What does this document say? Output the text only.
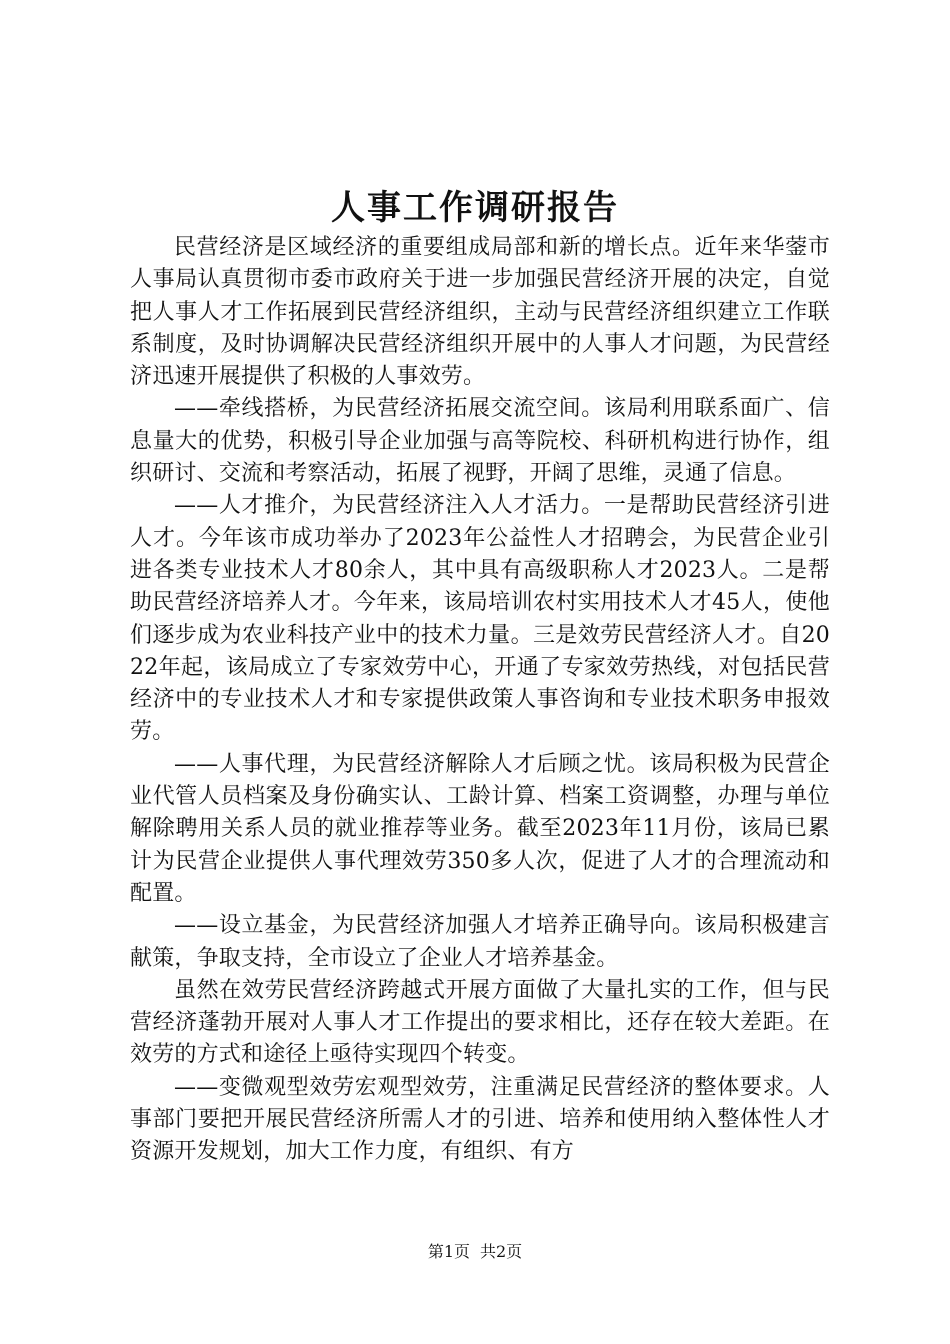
人事工作调研报告

民营经济是区域经济的重要组成局部和新的增长点。近年来华蓥市人事局认真贯彻市委市政府关于进一步加强民营经济开展的决定，自觉把人事人才工作拓展到民营经济组织，主动与民营经济组织建立工作联系制度，及时协调解决民营经济组织开展中的人事人才问题，为民营经济迅速开展提供了积极的人事效劳。

——牵线搭桥，为民营经济拓展交流空间。该局利用联系面广、信息量大的优势，积极引导企业加强与高等院校、科研机构进行协作，组织研讨、交流和考察活动，拓展了视野，开阔了思维，灵通了信息。

——人才推介，为民营经济注入人才活力。一是帮助民营经济引进人才。今年该市成功举办了2023年公益性人才招聘会，为民营企业引进各类专业技术人才80余人，其中具有高级职称人才2023人。二是帮助民营经济培养人才。今年来，该局培训农村实用技术人才45人，使他们逐步成为农业科技产业中的技术力量。三是效劳民营经济人才。自2022年起，该局成立了专家效劳中心，开通了专家效劳热线，对包括民营经济中的专业技术人才和专家提供政策人事咨询和专业技术职务申报效劳。

——人事代理，为民营经济解除人才后顾之忧。该局积极为民营企业代管人员档案及身份确实认、工龄计算、档案工资调整，办理与单位解除聘用关系人员的就业推荐等业务。截至2023年11月份，该局已累计为民营企业提供人事代理效劳350多人次，促进了人才的合理流动和配置。

——设立基金，为民营经济加强人才培养正确导向。该局积极建言献策，争取支持，全市设立了企业人才培养基金。

虽然在效劳民营经济跨越式开展方面做了大量扎实的工作，但与民营经济蓬勃开展对人事人才工作提出的要求相比，还存在较大差距。在效劳的方式和途径上亟待实现四个转变。

——变微观型效劳宏观型效劳，注重满足民营经济的整体要求。人事部门要把开展民营经济所需人才的引进、培养和使用纳入整体性人才资源开发规划，加大工作力度，有组织、有方

第1页 共2页
